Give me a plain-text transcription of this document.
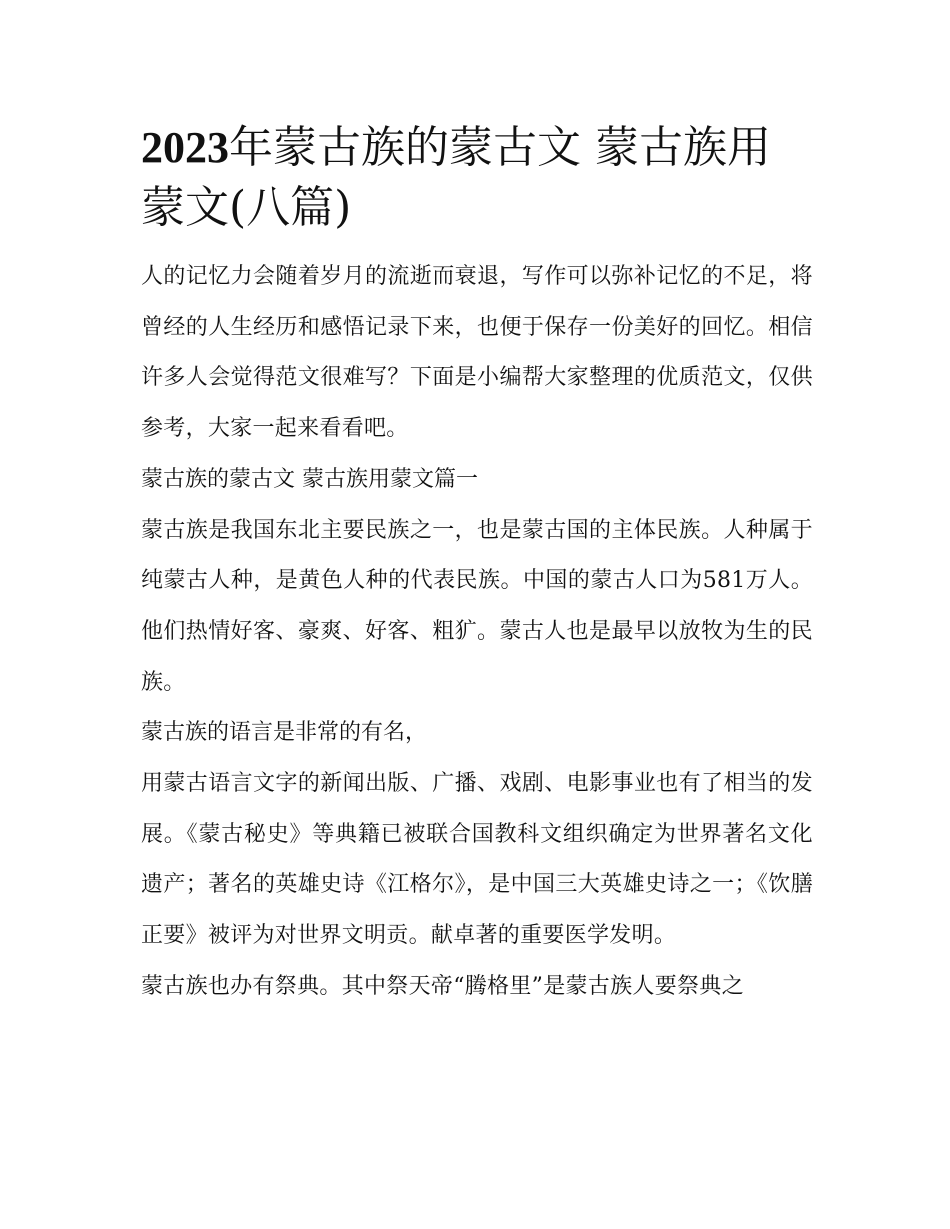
2023年蒙古族的蒙古文 蒙古族用蒙文(八篇)

人的记忆力会随着岁月的流逝而衰退，写作可以弥补记忆的不足，将曾经的人生经历和感悟记录下来，也便于保存一份美好的回忆。相信许多人会觉得范文很难写？下面是小编帮大家整理的优质范文，仅供参考，大家一起来看看吧。

蒙古族的蒙古文 蒙古族用蒙文篇一

蒙古族是我国东北主要民族之一，也是蒙古国的主体民族。人种属于纯蒙古人种，是黄色人种的代表民族。中国的蒙古人口为581万人。他们热情好客、豪爽、好客、粗犷。蒙古人也是最早以放牧为生的民族。

蒙古族的语言是非常的有名，

用蒙古语言文字的新闻出版、广播、戏剧、电影事业也有了相当的发展。《蒙古秘史》等典籍已被联合国教科文组织确定为世界著名文化遗产；著名的英雄史诗《江格尔》，是中国三大英雄史诗之一；《饮膳正要》被评为对世界文明贡。献卓著的重要医学发明。

蒙古族也办有祭典。其中祭天帝“腾格里”是蒙古族人要祭典之
